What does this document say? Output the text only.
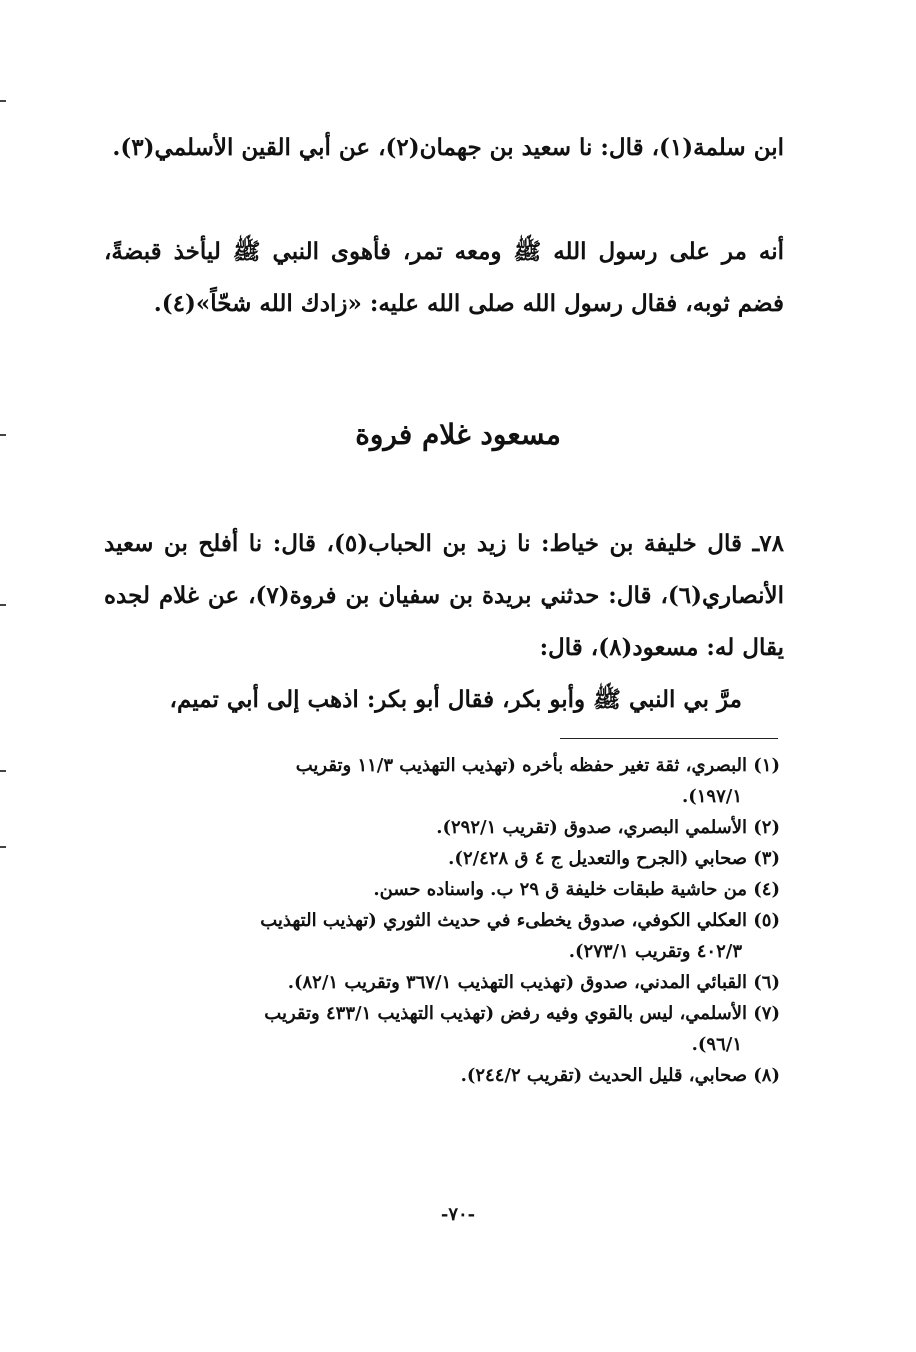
ابن سلمة(١)، قال: نا سعيد بن جهمان(٢)، عن أبي القين الأسلمي(٣).
أنه مر على رسول الله ﷺ ومعه تمر، فأهوى النبي ﷺ ليأخذ قبضةً، فضم ثوبه، فقال رسول الله صلى الله عليه: «زادك الله شحّاً»(٤).
مسعود غلام فروة
٧٨ـ قال خليفة بن خياط: نا زيد بن الحباب(٥)، قال: نا أفلح بن سعيد الأنصاري(٦)، قال: حدثني بريدة بن سفيان بن فروة(٧)، عن غلام لجده يقال له: مسعود(٨)، قال:
مرَّ بي النبي ﷺ وأبو بكر، فقال أبو بكر: اذهب إلى أبي تميم،
(١) البصري، ثقة تغير حفظه بأخره (تهذيب التهذيب ١١/٣ وتقريب
١٩٧/١).
(٢) الأسلمي البصري، صدوق (تقريب ٢٩٢/١).
(٣) صحابي (الجرح والتعديل ج ٤ ق ٢/٤٢٨).
(٤) من حاشية طبقات خليفة ق ٢٩ ب. واسناده حسن.
(٥) العكلي الكوفي، صدوق يخطىء في حديث الثوري (تهذيب التهذيب
٤٠٢/٣ وتقريب ٢٧٣/١).
(٦) القبائي المدني، صدوق (تهذيب التهذيب ٣٦٧/١ وتقريب ٨٢/١).
(٧) الأسلمي، ليس بالقوي وفيه رفض (تهذيب التهذيب ٤٣٣/١ وتقريب
٩٦/١).
(٨) صحابي، قليل الحديث (تقريب ٢٤٤/٢).
-٧٠-
